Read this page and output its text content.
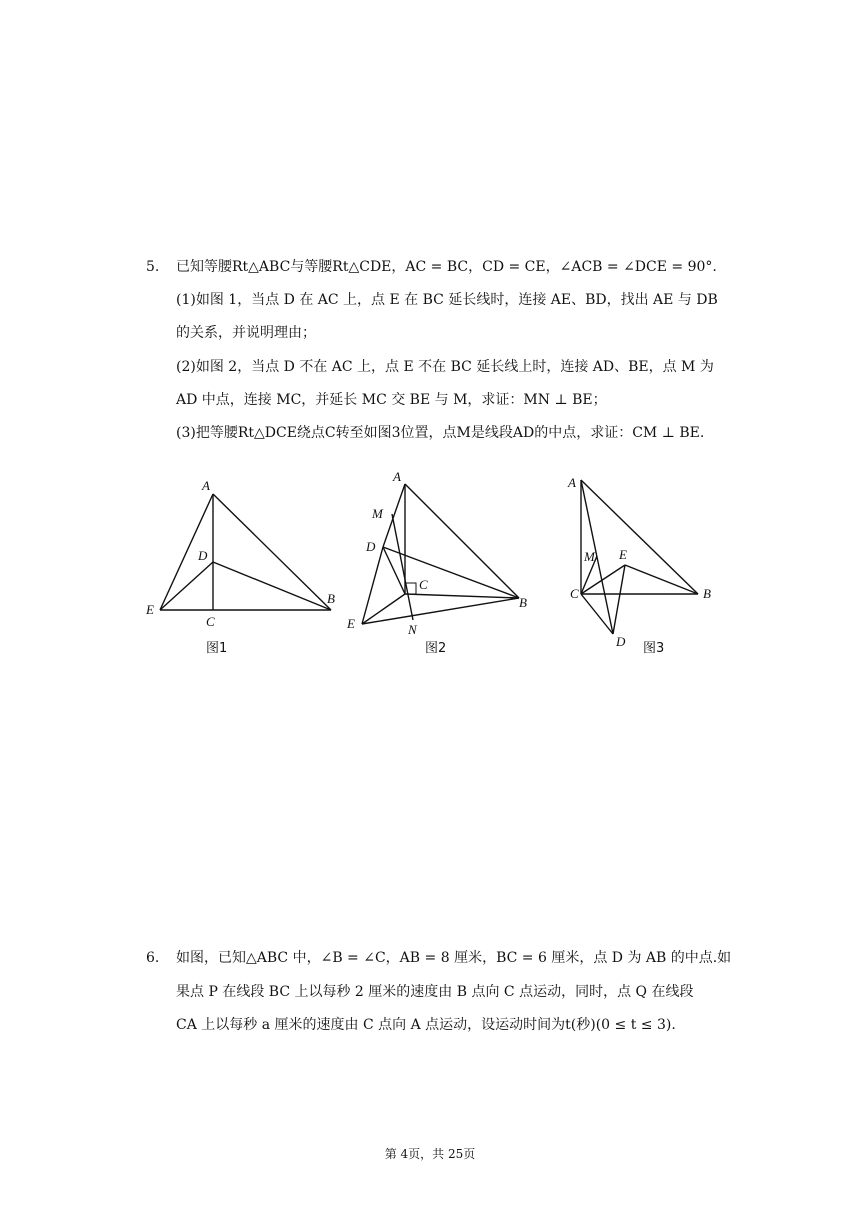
5. 已知等腰Rt△ABC与等腰Rt△CDE，AC = BC，CD = CE，∠ACB = ∠DCE = 90°.
(1)如图 1，当点 D 在 AC 上，点 E 在 BC 延长线时，连接 AE、BD，找出 AE 与 DB
的关系，并说明理由；
(2)如图 2，当点 D 不在 AC 上，点 E 不在 BC 延长线上时，连接 AD、BE，点 M 为
AD 中点，连接 MC，并延长 MC 交 BE 与 M，求证：MN ⊥ BE；
(3)把等腰Rt△DCE绕点C转至如图3位置，点M是线段AD的中点，求证：CM ⊥ BE.
A
D
E
C
B
图1
A
M
D
C
E	N
B
图2
A
M E
C	B
D 图3
6. 如图，已知△ABC 中，∠B = ∠C，AB = 8 厘米，BC = 6 厘米，点 D 为 AB 的中点.如
果点 P 在线段 BC 上以每秒 2 厘米的速度由 B 点向 C 点运动，同时，点 Q 在线段
CA 上以每秒 a 厘米的速度由 C 点向 A 点运动，设运动时间为t(秒)(0 ≤ t ≤ 3).
第 4页，共 25页
